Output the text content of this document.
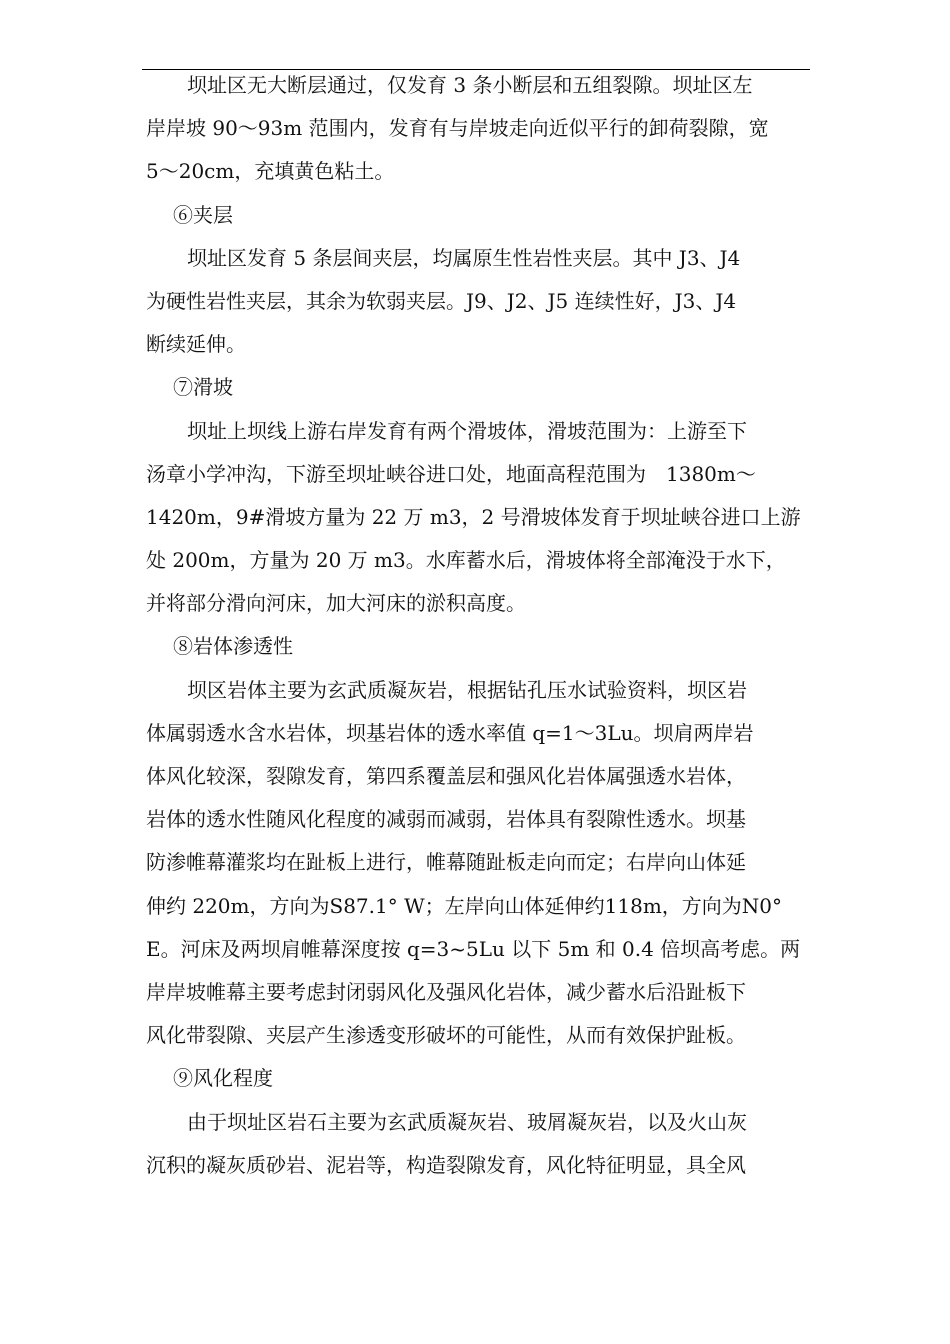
坝址区无大断层通过，仅发育 3 条小断层和五组裂隙。坝址区左
岸岸坡 90～93m 范围内，发育有与岸坡走向近似平行的卸荷裂隙，宽
5～20cm，充填黄色粘土。
⑥夹层
坝址区发育 5 条层间夹层，均属原生性岩性夹层。其中 J3、J4
为硬性岩性夹层，其余为软弱夹层。J9、J2、J5 连续性好，J3、J4
断续延伸。
⑦滑坡
坝址上坝线上游右岸发育有两个滑坡体，滑坡范围为：上游至下
汤章小学冲沟，下游至坝址峡谷进口处，地面高程范围为　1380m～
1420m，9#滑坡方量为 22 万 m3，2 号滑坡体发育于坝址峡谷进口上游
处 200m，方量为 20 万 m3。水库蓄水后，滑坡体将全部淹没于水下，
并将部分滑向河床，加大河床的淤积高度。
⑧岩体渗透性
坝区岩体主要为玄武质凝灰岩，根据钻孔压水试验资料，坝区岩
体属弱透水含水岩体，坝基岩体的透水率值 q=1～3Lu。坝肩两岸岩
体风化较深，裂隙发育，第四系覆盖层和强风化岩体属强透水岩体，
岩体的透水性随风化程度的减弱而减弱，岩体具有裂隙性透水。坝基
防渗帷幕灌浆均在趾板上进行，帷幕随趾板走向而定；右岸向山体延
伸约 220m，方向为S87.1° W；左岸向山体延伸约118m，方向为N0°
E。河床及两坝肩帷幕深度按 q=3~5Lu 以下 5m 和 0.4 倍坝高考虑。两
岸岸坡帷幕主要考虑封闭弱风化及强风化岩体，减少蓄水后沿趾板下
风化带裂隙、夹层产生渗透变形破坏的可能性，从而有效保护趾板。
⑨风化程度
由于坝址区岩石主要为玄武质凝灰岩、玻屑凝灰岩，以及火山灰
沉积的凝灰质砂岩、泥岩等，构造裂隙发育，风化特征明显，具全风
